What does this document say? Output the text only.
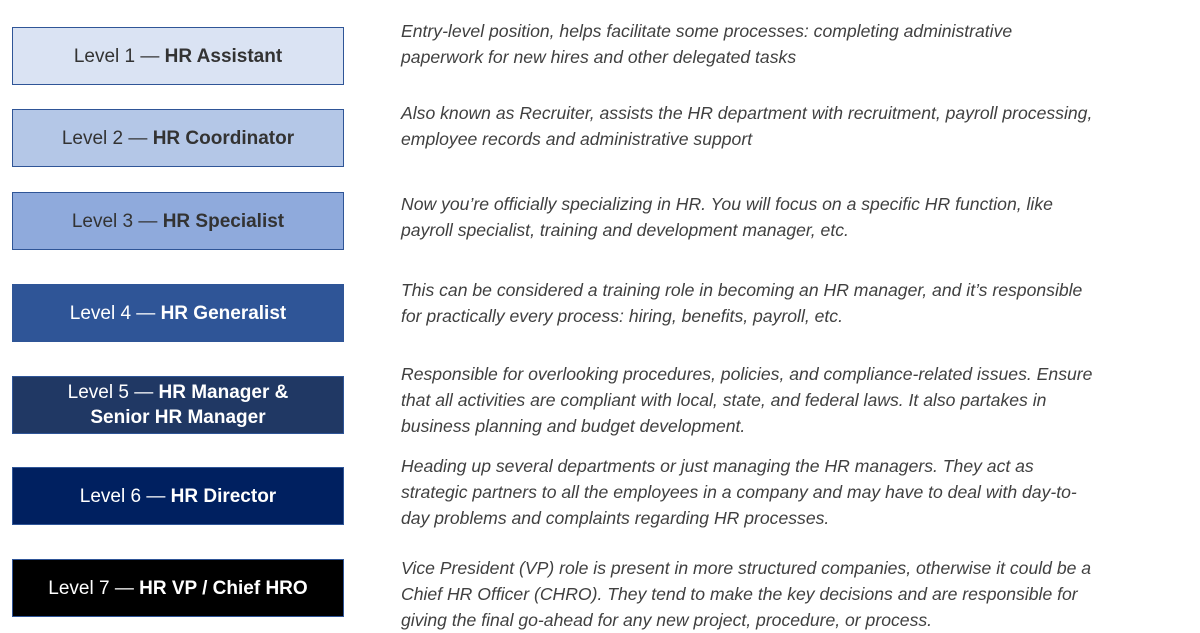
Level 1 — HR Assistant
Level 2 — HR Coordinator
Level 3 — HR Specialist
Level 4 — HR Generalist
Level 5 — HR Manager &
Senior HR Manager
Level 6 — HR Director
Level 7 — HR VP / Chief HRO
Entry-level position, helps facilitate some processes: completing administrative
paperwork for new hires and other delegated tasks
Also known as Recruiter, assists the HR department with recruitment, payroll processing,
employee records and administrative support
Now you’re officially specializing in HR. You will focus on a specific HR function, like
payroll specialist, training and development manager, etc.
This can be considered a training role in becoming an HR manager, and it’s responsible
for practically every process: hiring, benefits, payroll, etc.
Responsible for overlooking procedures, policies, and compliance-related issues. Ensure
that all activities are compliant with local, state, and federal laws. It also partakes in
business planning and budget development.
Heading up several departments or just managing the HR managers. They act as
strategic partners to all the employees in a company and may have to deal with day-to-
day problems and complaints regarding HR processes.
Vice President (VP) role is present in more structured companies, otherwise it could be a
Chief HR Officer (CHRO). They tend to make the key decisions and are responsible for
giving the final go-ahead for any new project, procedure, or process.
